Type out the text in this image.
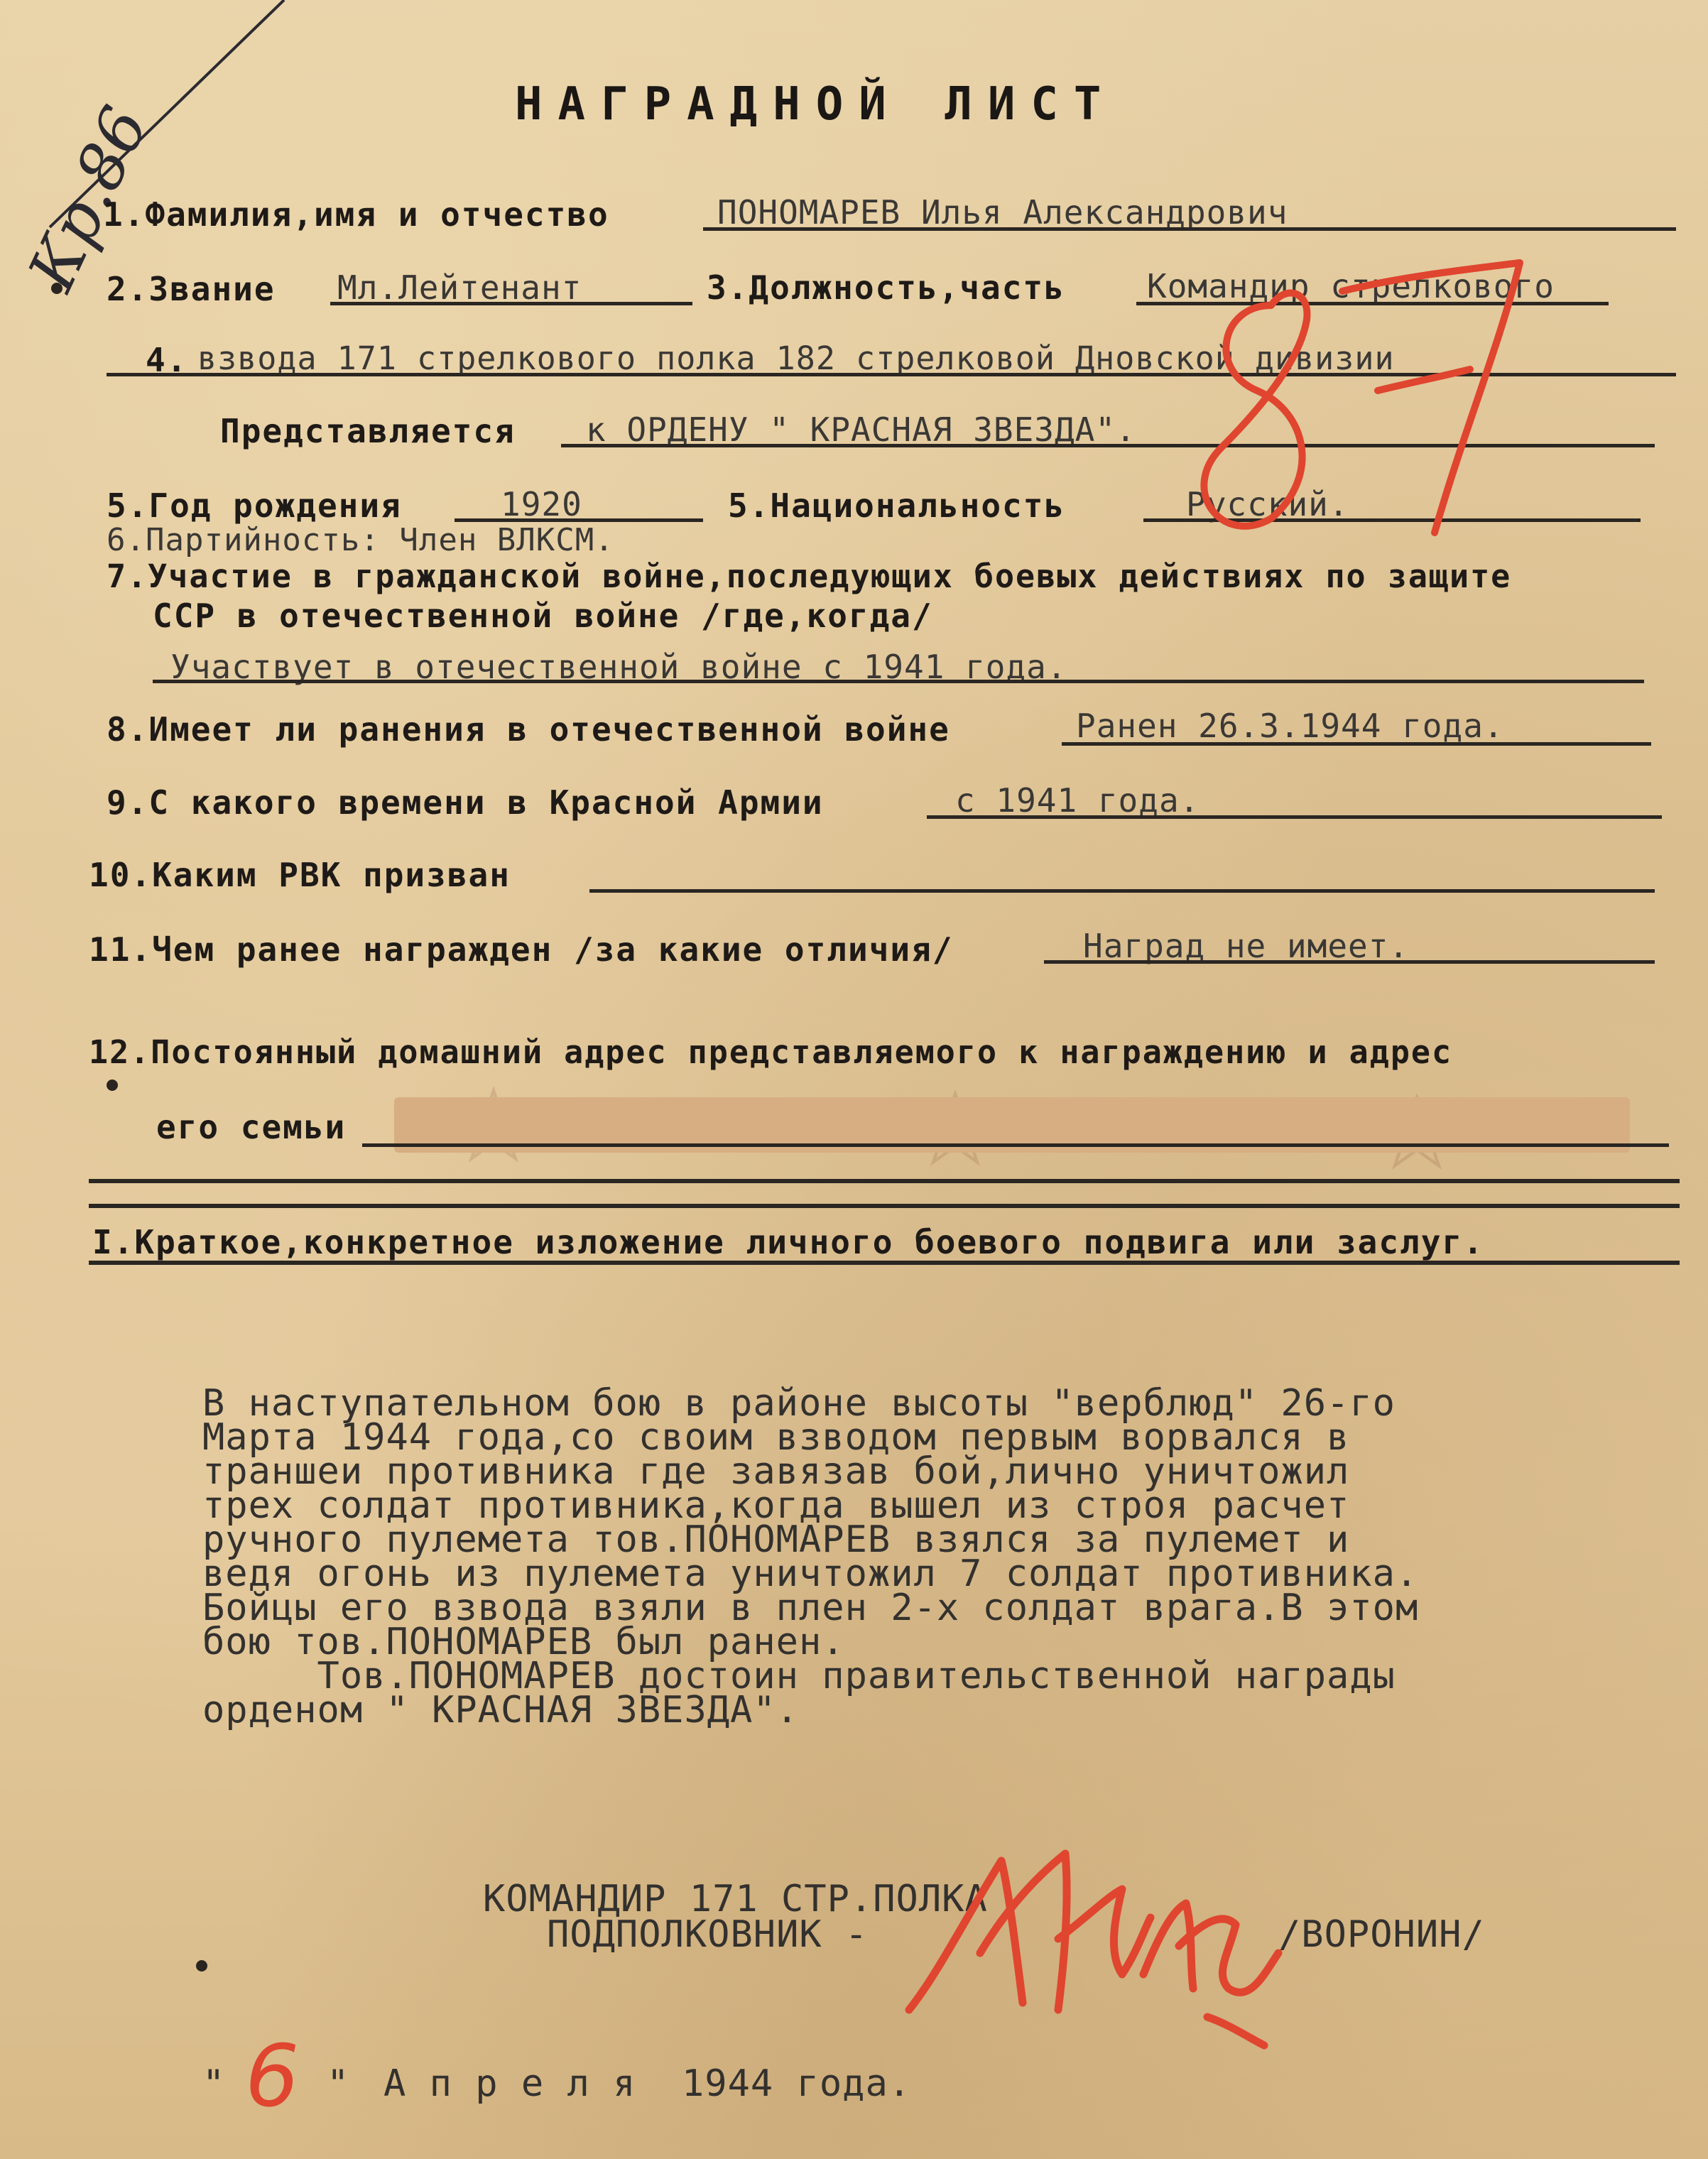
Кр.86	НАГРАДНОЙ ЛИСТ
1.Фамилия,имя и отчество	ПОНОМАРЕВ Илья Александрович
2.Звание Мл.Лейтенант	3.Должность,часть	Командир стрелкового
4. взвода 171 стрелкового полка 182 стрелковой Дновской дивизии
Представляется к ОРДЕНУ " КРАСНАЯ ЗВЕЗДА".
5.Год рождения	1920	5.Национальность	Русский.
6.Партийность: Член ВЛКСМ.
7.Участие в гражданской войне,последующих боевых действиях по защите
ССР в отечественной войне /где,когда/
Участвует в отечественной войне с 1941 года.
8.Имеет ли ранения в отечественной войне	Ранен 26.3.1944 года.
9.С какого времени в Красной Армии	с 1941 года.
10.Каким РВК призван
11.Чем ранее награжден /за какие отличия/	Наград не имеет.
12.Постоянный домашний адрес представляемого к награждению и адрес
его семьи
I.Краткое,конкретное изложение личного боевого подвига или заслуг.
В наступательном бою в районе высоты "верблюд" 26-го
Марта 1944 года,со своим взводом первым ворвался в
траншеи противника где завязав бой,лично уничтожил
трех солдат противника,когда вышел из строя расчет
ручного пулемета тов.ПОНОМАРЕВ взялся за пулемет и
ведя огонь из пулемета уничтожил 7 солдат противника.
Бойцы его взвода взяли в плен 2-х солдат врага.В этом
бою тов.ПОНОМАРЕВ был ранен.
Тов.ПОНОМАРЕВ достоин правительственной награды
орденом " КРАСНАЯ ЗВЕЗДА".
КОМАНДИР 171 СТР.ПОЛКА
ПОДПОЛКОВНИК -	/ВОРОНИН/
" 6 " А п р е л я  1944 года.
